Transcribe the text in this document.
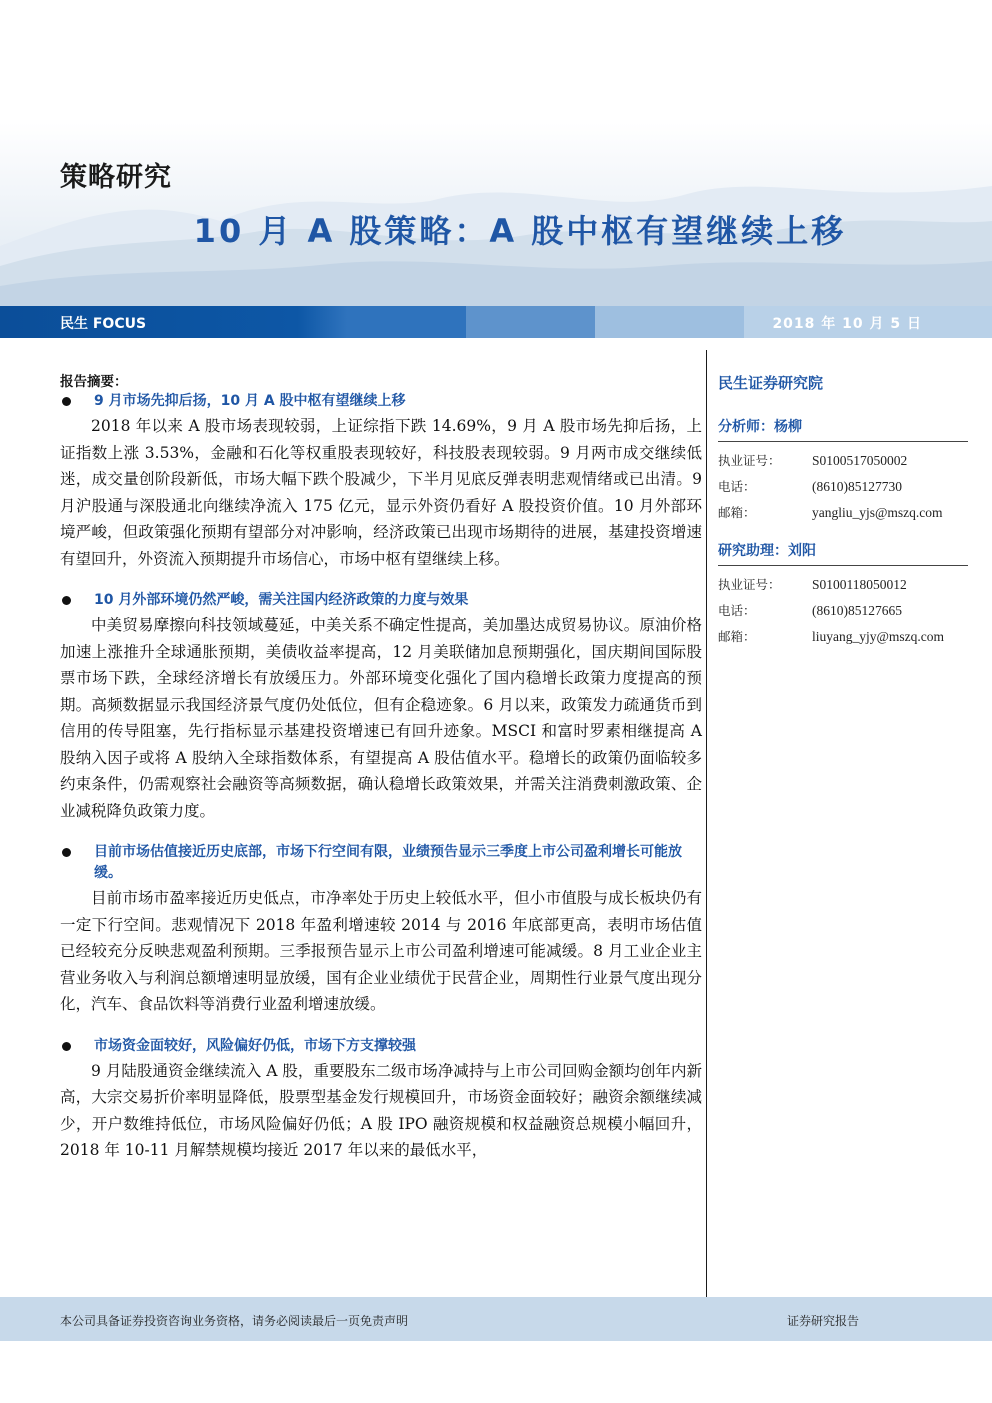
策略研究
10 月 A 股策略：A 股中枢有望继续上移
民生 FOCUS	2018 年 10 月 5 日
报告摘要：
9 月市场先抑后扬，10 月 A 股中枢有望继续上移

2018 年以来 A 股市场表现较弱，上证综指下跌 14.69%，9 月 A 股市场先抑后扬，上证指数上涨 3.53%，金融和石化等权重股表现较好，科技股表现较弱。9 月两市成交继续低迷，成交量创阶段新低，市场大幅下跌个股减少，下半月见底反弹表明悲观情绪或已出清。9 月沪股通与深股通北向继续净流入 175 亿元，显示外资仍看好 A 股投资价值。10 月外部环境严峻，但政策强化预期有望部分对冲影响，经济政策已出现市场期待的进展，基建投资增速有望回升，外资流入预期提升市场信心，市场中枢有望继续上移。

10 月外部环境仍然严峻，需关注国内经济政策的力度与效果

中美贸易摩擦向科技领域蔓延，中美关系不确定性提高，美加墨达成贸易协议。原油价格加速上涨推升全球通胀预期，美债收益率提高，12 月美联储加息预期强化，国庆期间国际股票市场下跌，全球经济增长有放缓压力。外部环境变化强化了国内稳增长政策力度提高的预期。高频数据显示我国经济景气度仍处低位，但有企稳迹象。6 月以来，政策发力疏通货币到信用的传导阻塞，先行指标显示基建投资增速已有回升迹象。MSCI 和富时罗素相继提高 A 股纳入因子或将 A 股纳入全球指数体系，有望提高 A 股估值水平。稳增长的政策仍面临较多约束条件，仍需观察社会融资等高频数据，确认稳增长政策效果，并需关注消费刺激政策、企业减税降负政策力度。

目前市场估值接近历史底部，市场下行空间有限，业绩预告显示三季度上市公司盈利增长可能放缓。

目前市场市盈率接近历史低点，市净率处于历史上较低水平，但小市值股与成长板块仍有一定下行空间。悲观情况下 2018 年盈利增速较 2014 与 2016 年底部更高，表明市场估值已经较充分反映悲观盈利预期。三季报预告显示上市公司盈利增速可能减缓。8 月工业企业主营业务收入与利润总额增速明显放缓，国有企业业绩优于民营企业，周期性行业景气度出现分化，汽车、食品饮料等消费行业盈利增速放缓。

市场资金面较好，风险偏好仍低，市场下方支撑较强

9 月陆股通资金继续流入 A 股，重要股东二级市场净减持与上市公司回购金额均创年内新高，大宗交易折价率明显降低，股票型基金发行规模回升，市场资金面较好；融资余额继续减少，开户数维持低位，市场风险偏好仍低；A 股 IPO 融资规模和权益融资总规模小幅回升，2018 年 10-11 月解禁规模均接近 2017 年以来的最低水平，

民生证券研究院
分析师：杨柳
执业证号：	S0100517050002
电话：	(8610)85127730
邮箱：	yangliu_yjs@mszq.com
研究助理：刘阳
执业证号：	S0100118050012
电话：	(8610)85127665
邮箱：	liuyang_yjy@mszq.com
本公司具备证券投资咨询业务资格，请务必阅读最后一页免责声明	证券研究报告
